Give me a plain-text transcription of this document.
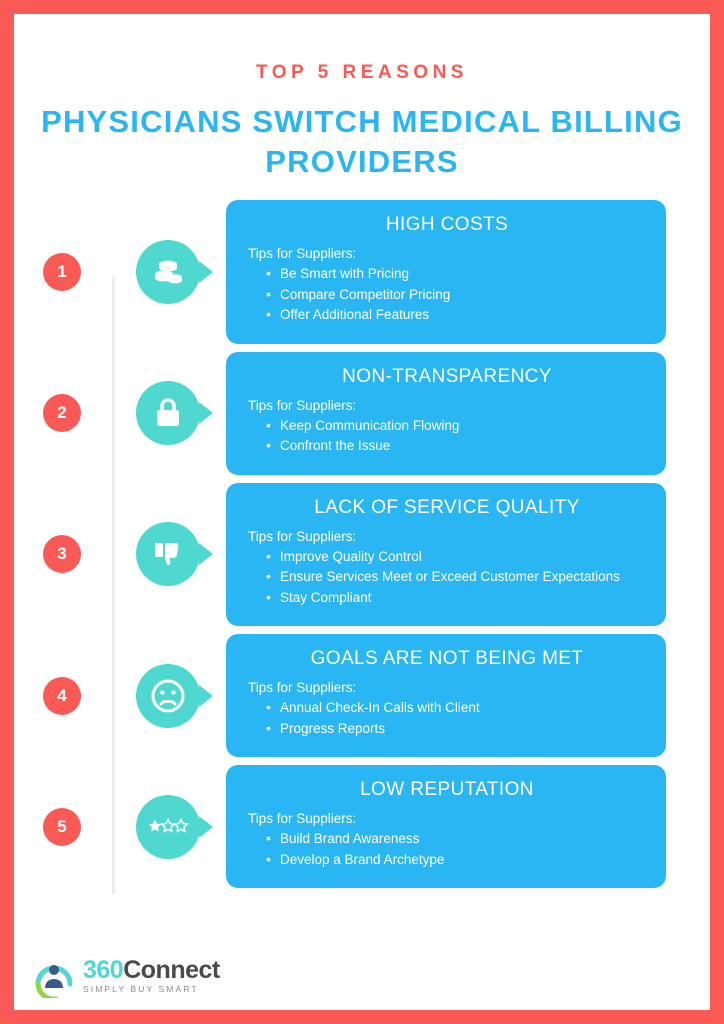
TOP 5 REASONS
PHYSICIANS SWITCH MEDICAL BILLING PROVIDERS
1
HIGH COSTS
Tips for Suppliers:
• Be Smart with Pricing
• Compare Competitor Pricing
• Offer Additional Features
2
NON-TRANSPARENCY
Tips for Suppliers:
• Keep Communication Flowing
• Confront the Issue
3
LACK OF SERVICE QUALITY
Tips for Suppliers:
• Improve Quality Control
• Ensure Services Meet or Exceed Customer Expectations
• Stay Compliant
4
GOALS ARE NOT BEING MET
Tips for Suppliers:
• Annual Check-In Calls with Client
• Progress Reports
5
LOW REPUTATION
Tips for Suppliers:
• Build Brand Awareness
• Develop a Brand Archetype
360Connect
SIMPLY BUY SMART
